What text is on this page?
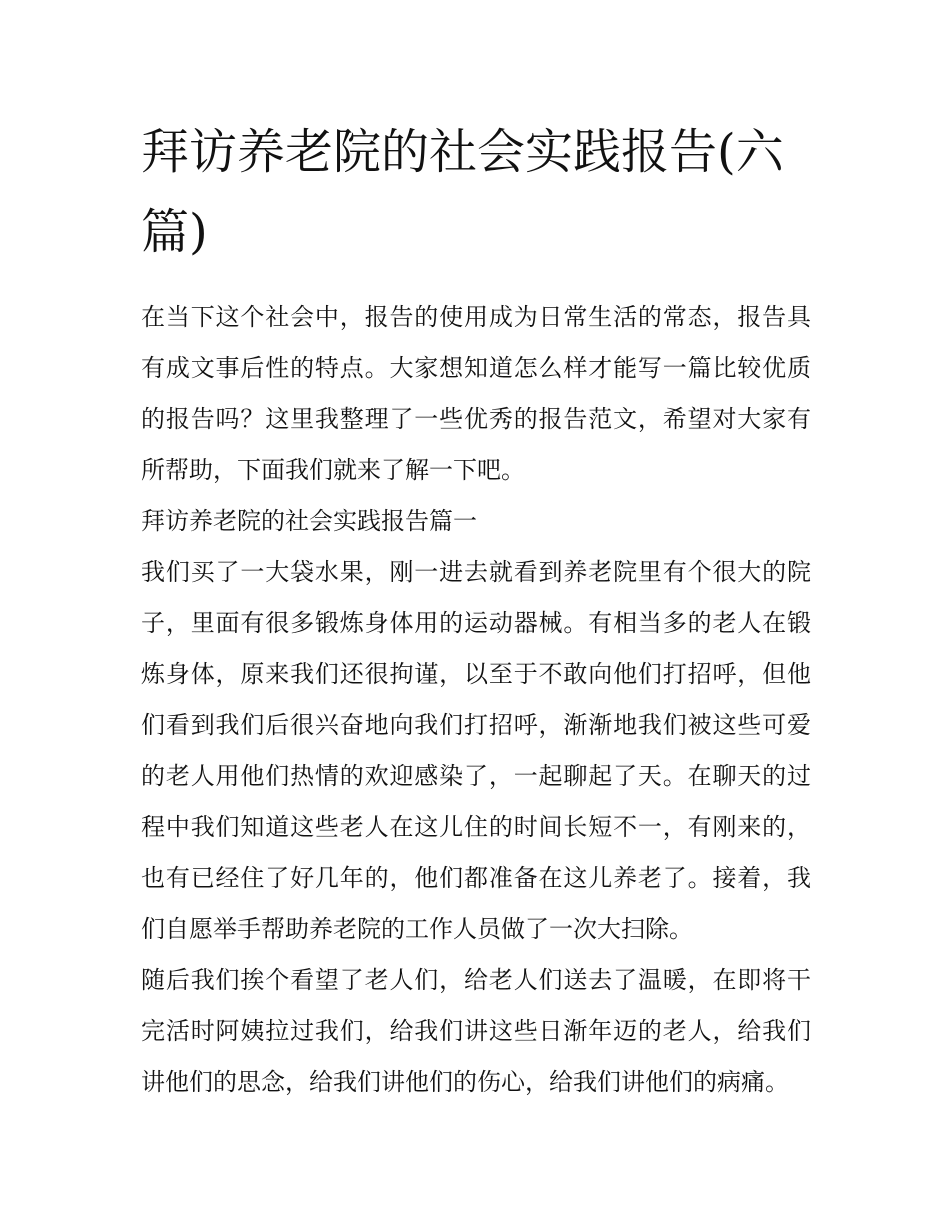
拜访养老院的社会实践报告(六篇)

在当下这个社会中，报告的使用成为日常生活的常态，报告具有成文事后性的特点。大家想知道怎么样才能写一篇比较优质的报告吗？这里我整理了一些优秀的报告范文，希望对大家有所帮助，下面我们就来了解一下吧。

拜访养老院的社会实践报告篇一

我们买了一大袋水果，刚一进去就看到养老院里有个很大的院子，里面有很多锻炼身体用的运动器械。有相当多的老人在锻炼身体，原来我们还很拘谨，以至于不敢向他们打招呼，但他们看到我们后很兴奋地向我们打招呼，渐渐地我们被这些可爱的老人用他们热情的欢迎感染了，一起聊起了天。在聊天的过程中我们知道这些老人在这儿住的时间长短不一，有刚来的，也有已经住了好几年的，他们都准备在这儿养老了。接着，我们自愿举手帮助养老院的工作人员做了一次大扫除。

随后我们挨个看望了老人们，给老人们送去了温暖，在即将干完活时阿姨拉过我们，给我们讲这些日渐年迈的老人，给我们讲他们的思念，给我们讲他们的伤心，给我们讲他们的病痛。
